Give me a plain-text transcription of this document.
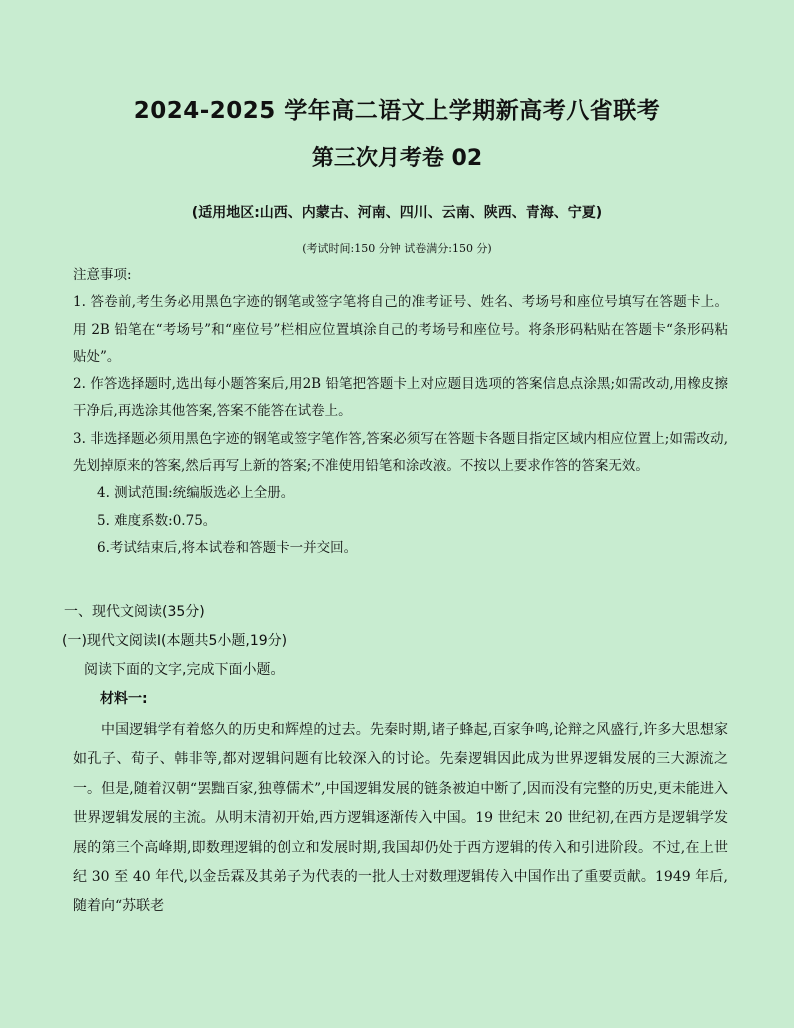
2024-2025 学年高二语文上学期新高考八省联考
第三次月考卷 02
(适用地区:山西、内蒙古、河南、四川、云南、陕西、青海、宁夏)
(考试时间:150 分钟 试卷满分:150 分)

注意事项:

1. 答卷前,考生务必用黑色字迹的钢笔或签字笔将自己的准考证号、姓名、考场号和座位号填写在答题卡上。用 2B 铅笔在“考场号”和“座位号”栏相应位置填涂自己的考场号和座位号。将条形码粘贴在答题卡“条形码粘贴处”。

2. 作答选择题时,选出每小题答案后,用2B 铅笔把答题卡上对应题目选项的答案信息点涂黑;如需改动,用橡皮擦干净后,再选涂其他答案,答案不能答在试卷上。

3. 非选择题必须用黑色字迹的钢笔或签字笔作答,答案必须写在答题卡各题目指定区域内相应位置上;如需改动,先划掉原来的答案,然后再写上新的答案;不准使用铅笔和涂改液。不按以上要求作答的答案无效。

4. 测试范围:统编版选必上全册。

5. 难度系数:0.75。

6.考试结束后,将本试卷和答题卡一并交回。

一、现代文阅读(35分)

(一)现代文阅读Ⅰ(本题共5小题,19分)

阅读下面的文字,完成下面小题。

材料一:

中国逻辑学有着悠久的历史和辉煌的过去。先秦时期,诸子蜂起,百家争鸣,论辩之风盛行,许多大思想家如孔子、荀子、韩非等,都对逻辑问题有比较深入的讨论。先秦逻辑因此成为世界逻辑发展的三大源流之一。但是,随着汉朝“罢黜百家,独尊儒术”,中国逻辑发展的链条被迫中断了,因而没有完整的历史,更未能进入世界逻辑发展的主流。从明末清初开始,西方逻辑逐渐传入中国。19 世纪末 20 世纪初,在西方是逻辑学发展的第三个高峰期,即数理逻辑的创立和发展时期,我国却仍处于西方逻辑的传入和引进阶段。不过,在上世纪 30 至 40 年代,以金岳霖及其弟子为代表的一批人士对数理逻辑传入中国作出了重要贡献。1949 年后,随着向“苏联老
